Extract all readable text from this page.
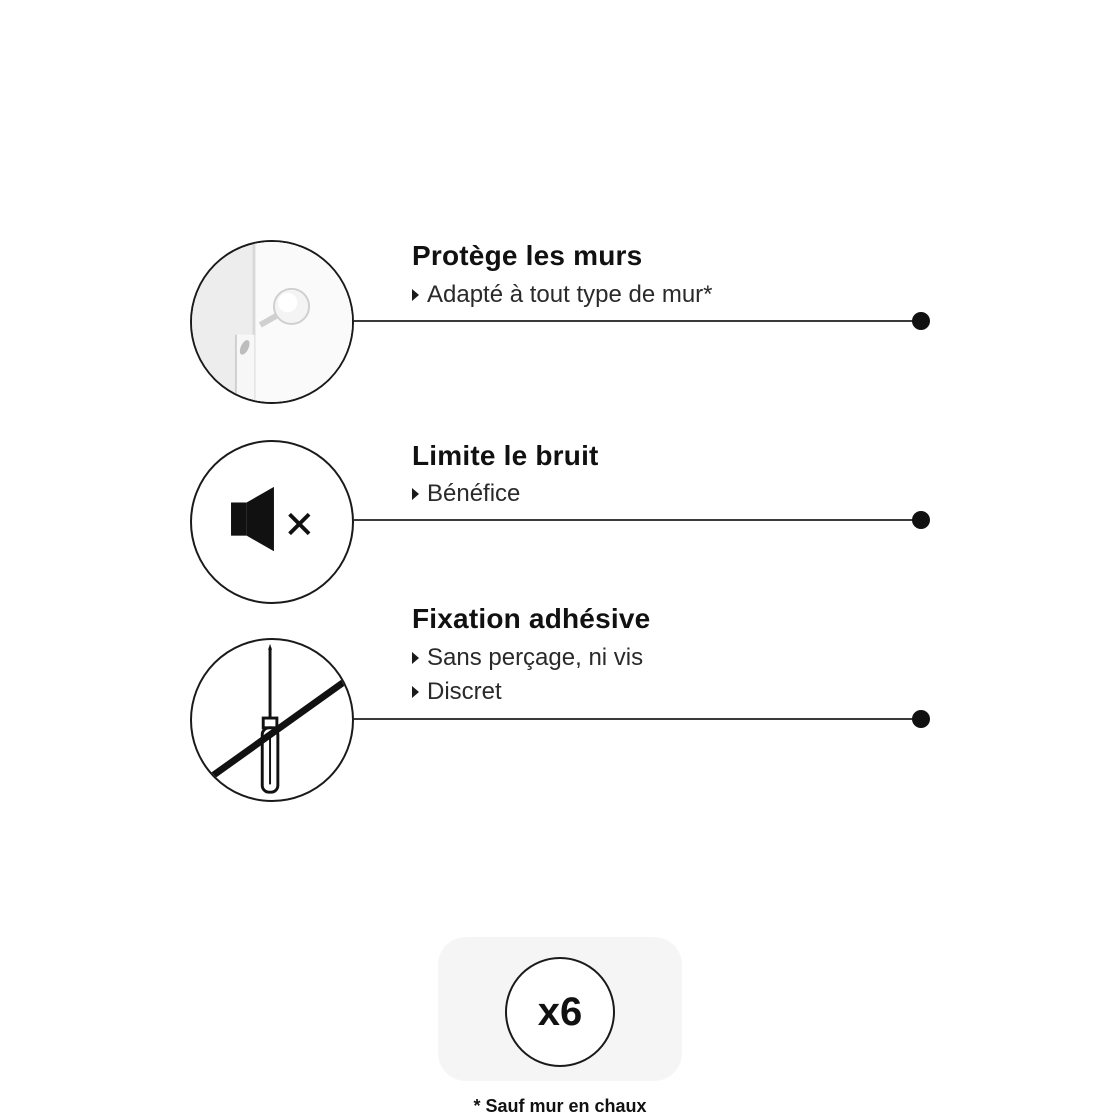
Protège les murs
Adapté à tout type de mur*
Limite le bruit
Bénéfice
Fixation adhésive
Sans perçage, ni vis
Discret
x6
* Sauf mur en chaux
